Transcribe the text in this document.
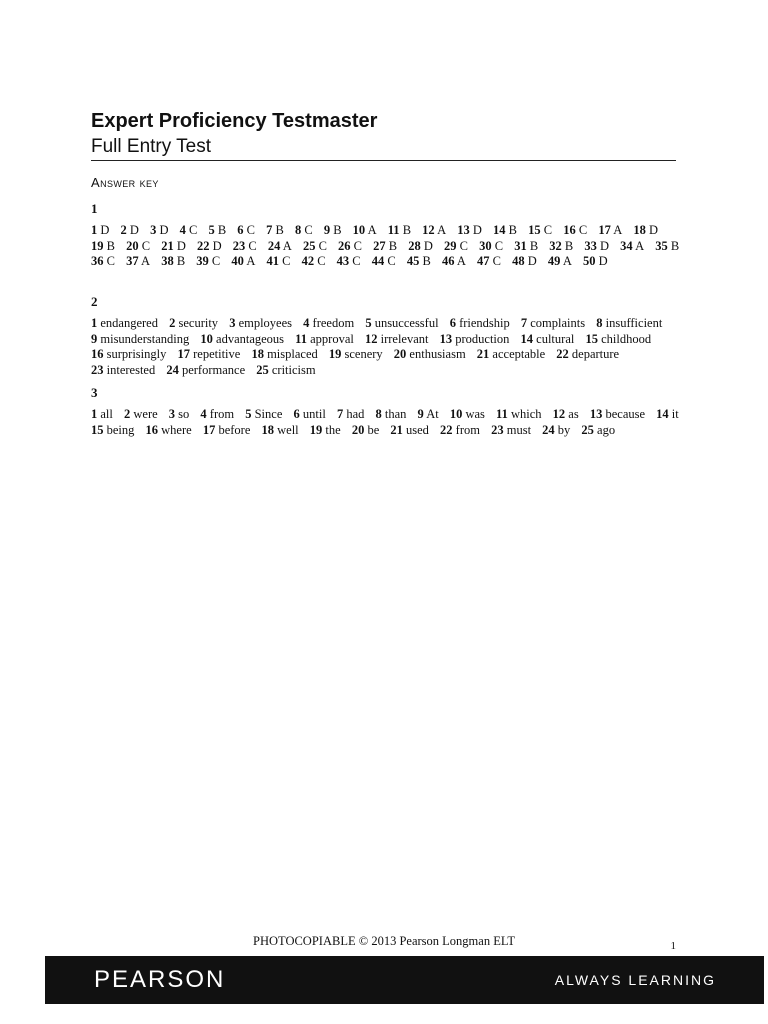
Expert Proficiency Testmaster
Full Entry Test
Answer key
1
1 D 2 D 3 D 4 C 5 B 6 C 7 B 8 C 9 B 10 A 11 B 12 A 13 D 14 B 15 C 16 C 17 A 18 D 19 B 20 C 21 D 22 D 23 C 24 A 25 C 26 C 27 B 28 D 29 C 30 C 31 B 32 B 33 D 34 A 35 B 36 C 37 A 38 B 39 C 40 A 41 C 42 C 43 C 44 C 45 B 46 A 47 C 48 D 49 A 50 D
2
1 endangered 2 security 3 employees 4 freedom 5 unsuccessful 6 friendship 7 complaints 8 insufficient 9 misunderstanding 10 advantageous 11 approval 12 irrelevant 13 production 14 cultural 15 childhood 16 surprisingly 17 repetitive 18 misplaced 19 scenery 20 enthusiasm 21 acceptable 22 departure 23 interested 24 performance 25 criticism
3
1 all 2 were 3 so 4 from 5 Since 6 until 7 had 8 than 9 At 10 was 11 which 12 as 13 because 14 it 15 being 16 where 17 before 18 well 19 the 20 be 21 used 22 from 23 must 24 by 25 ago
PHOTOCOPIABLE © 2013 Pearson Longman ELT	1
PEARSON	ALWAYS LEARNING
